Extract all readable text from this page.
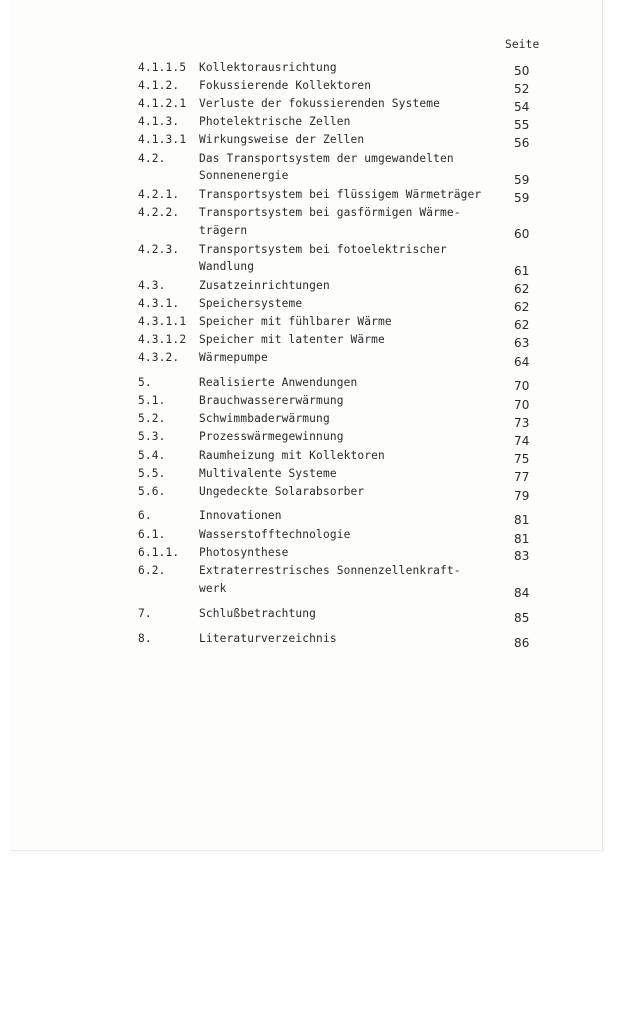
Seite
4.1.1.5 Kollektorausrichtung	50
4.1.2. Fokussierende Kollektoren	52
4.1.2.1 Verluste der fokussierenden Systeme	54
4.1.3. Photelektrische Zellen	55
4.1.3.1 Wirkungsweise der Zellen	56
4.2.	Das Transportsystem der umgewandelten
Sonnenenergie	59
4.2.1. Transportsystem bei flüssigem Wärmeträger	59
4.2.2. Transportsystem bei gasförmigen Wärme-
trägern	60
4.2.3. Transportsystem bei fotoelektrischer
Wandlung	61
4.3.	Zusatzeinrichtungen	62
4.3.1. Speichersysteme	62
4.3.1.1 Speicher mit fühlbarer Wärme	62
4.3.1.2 Speicher mit latenter Wärme	63
4.3.2. Wärmepumpe	64
5.	Realisierte Anwendungen	70
5.1.	Brauchwassererwärmung	70
5.2.	Schwimmbaderwärmung	73
5.3.	Prozesswärmegewinnung	74
5.4.	Raumheizung mit Kollektoren	75
5.5.	Multivalente Systeme	77
5.6.	Ungedeckte Solarabsorber	79
6.	Innovationen	81
6.1.	Wasserstofftechnologie	81
6.1.1. Photosynthese	83
6.2.	Extraterrestrisches Sonnenzellenkraft-
werk	84
7.	Schlußbetrachtung	85
8.	Literaturverzeichnis	86
